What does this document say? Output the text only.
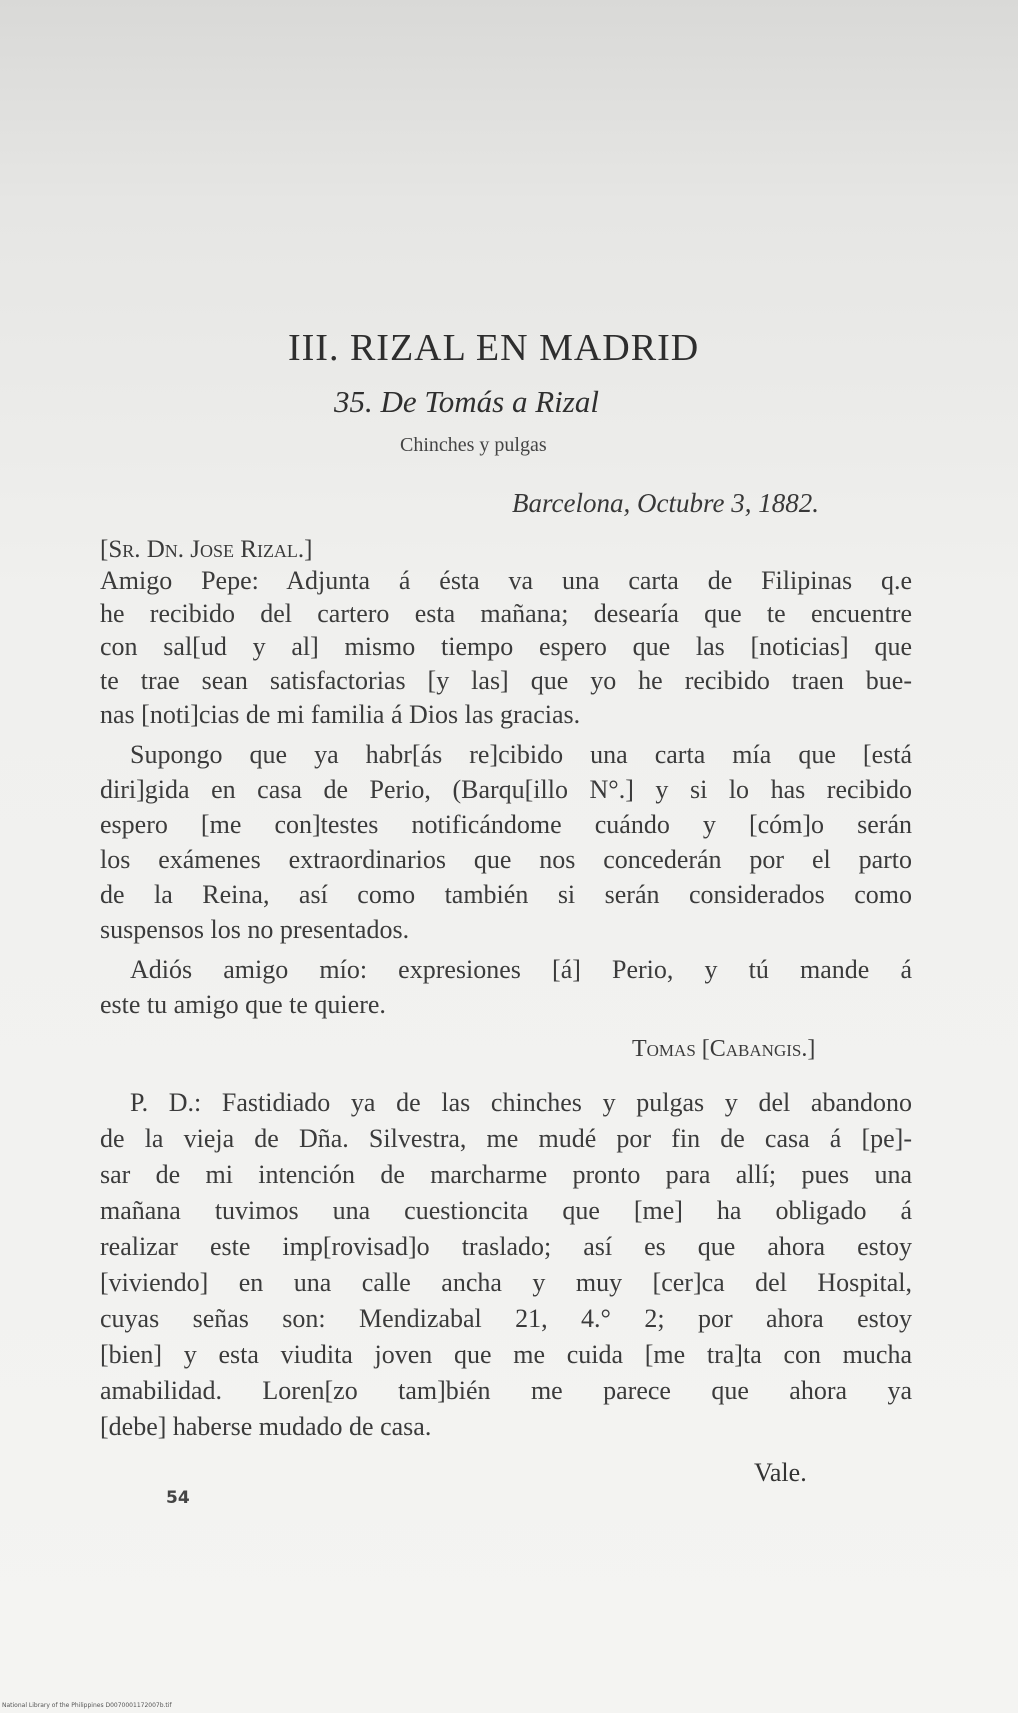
III. RIZAL EN MADRID
35. De Tomás a Rizal
Chinches y pulgas
Barcelona, Octubre 3, 1882.
[Sr. Dn. Jose Rizal.]
Amigo Pepe: Adjunta á ésta va una carta de Filipinas q.e
he recibido del cartero esta mañana; desearía que te encuentre
con sal[ud y al] mismo tiempo espero que las [noticias] que
te trae sean satisfactorias [y las] que yo he recibido traen bue-
nas [noti]cias de mi familia á Dios las gracias.
Supongo que ya habr[ás re]cibido una carta mía que [está
diri]gida en casa de Perio, (Barqu[illo N°.] y si lo has recibido
espero [me con]testes notificándome cuándo y [cóm]o serán
los exámenes extraordinarios que nos concederán por el parto
de la Reina, así como también si serán considerados como
suspensos los no presentados.
Adiós amigo mío: expresiones [á] Perio, y tú mande á
este tu amigo que te quiere.
Tomas [Cabangis.]
P. D.: Fastidiado ya de las chinches y pulgas y del abandono
de la vieja de Dña. Silvestra, me mudé por fin de casa á [pe]-
sar de mi intención de marcharme pronto para allí; pues una
mañana tuvimos una cuestioncita que [me] ha obligado á
realizar este imp[rovisad]o traslado; así es que ahora estoy
[viviendo] en una calle ancha y muy [cer]ca del Hospital,
cuyas señas son: Mendizabal 21, 4.° 2; por ahora estoy
[bien] y esta viudita joven que me cuida [me tra]ta con mucha
amabilidad. Loren[zo tam]bién me parece que ahora ya
[debe] haberse mudado de casa.
Vale.
54
National Library of the Philippines D0070001172007b.tif
